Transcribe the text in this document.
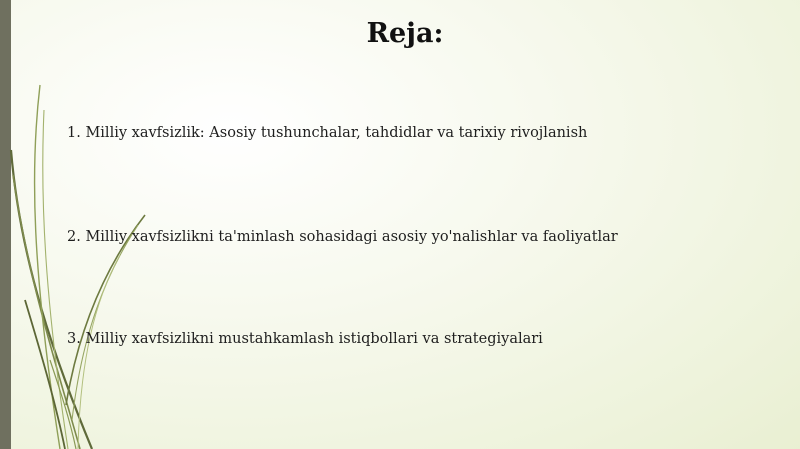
Reja:
1. Milliy xavfsizlik: Asosiy tushunchalar, tahdidlar va tarixiy rivojlanish
2. Milliy xavfsizlikni ta'minlash sohasidagi asosiy yo'nalishlar va faoliyatlar
3. Milliy xavfsizlikni mustahkamlash istiqbollari va strategiyalari
